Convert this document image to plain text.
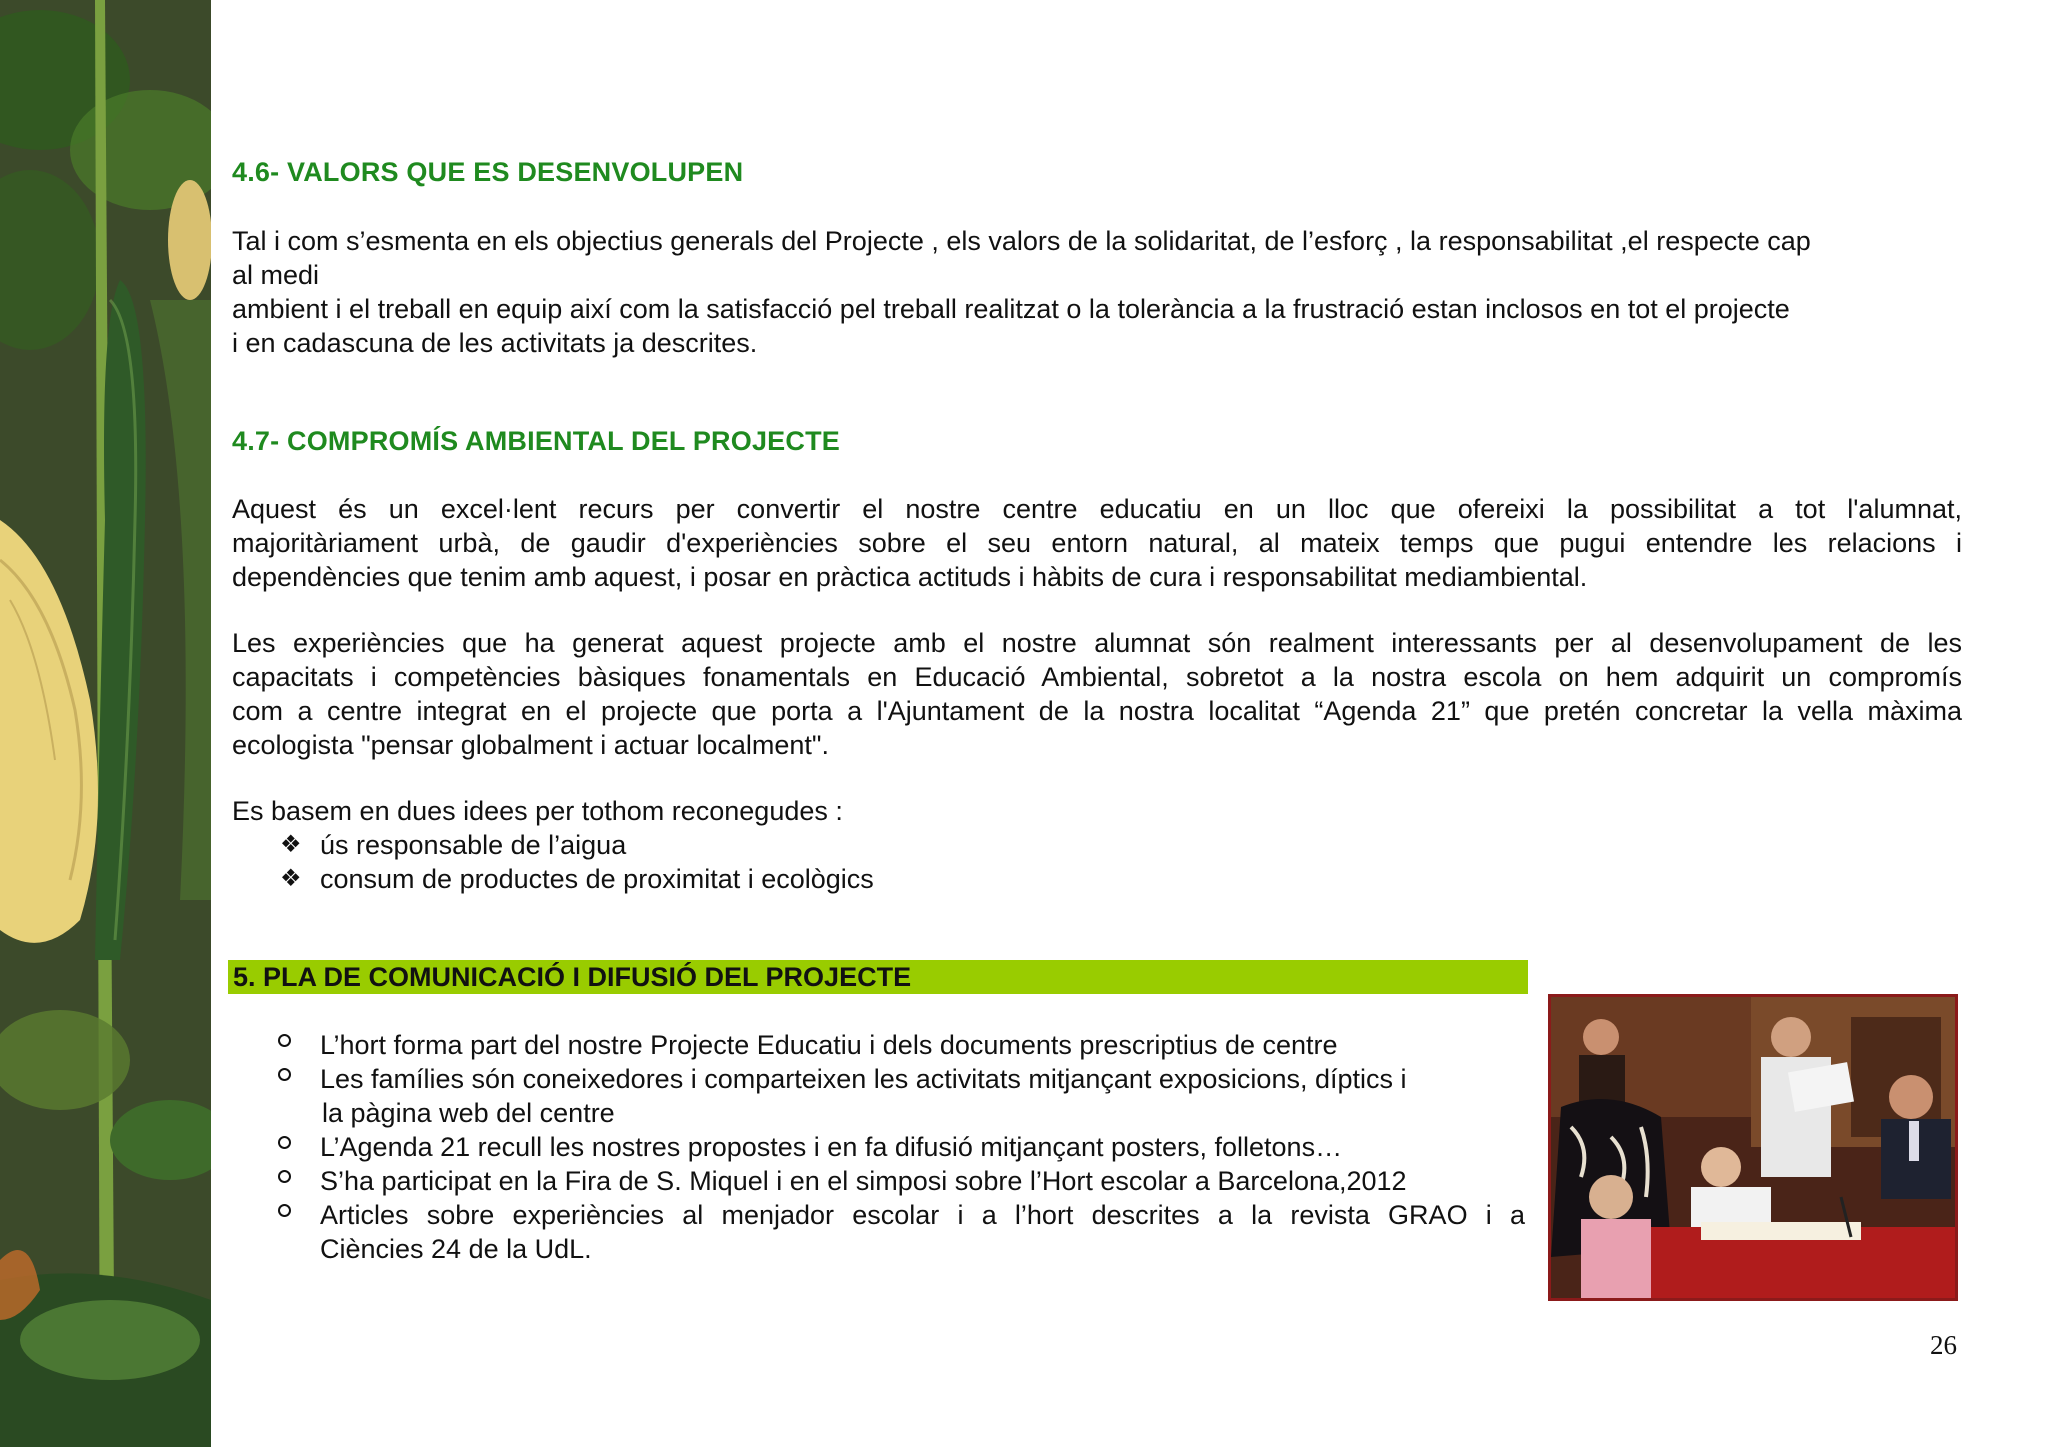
4.6- VALORS QUE ES DESENVOLUPEN
Tal i com s’esmenta en els objectius generals del Projecte , els valors de la solidaritat, de l’esforç , la responsabilitat ,el respecte cap
al medi
ambient i el treball en equip així com la satisfacció pel treball realitzat o la tolerància a la frustració estan inclosos en tot el projecte
i en cadascuna de les activitats ja descrites.
4.7- COMPROMÍS AMBIENTAL DEL PROJECTE
Aquest és un excel·lent recurs per convertir el nostre centre educatiu en un lloc que ofereixi la possibilitat a tot l'alumnat,
majoritàriament urbà, de gaudir d'experiències sobre el seu entorn natural, al mateix temps que pugui entendre les relacions i
dependències que tenim amb aquest, i posar en pràctica actituds i hàbits de cura i responsabilitat mediambiental.
Les experiències que ha generat aquest projecte amb el nostre alumnat són realment interessants per al desenvolupament de les
capacitats i competències bàsiques fonamentals en Educació Ambiental, sobretot a la nostra escola on hem adquirit un compromís
com a centre integrat en el projecte que porta a l'Ajuntament de la nostra localitat “Agenda 21” que pretén concretar la vella màxima
ecologista "pensar globalment i actuar localment".
Es basem en dues idees per tothom reconegudes :
❖ ús responsable de l’aigua
❖ consum de productes de proximitat i ecològics
5. PLA DE COMUNICACIÓ I DIFUSIÓ DEL PROJECTE
L’hort forma part del nostre Projecte Educatiu i dels documents prescriptius de centre
Les famílies són coneixedores i comparteixen les activitats mitjançant exposicions, díptics i
la pàgina web del centre
L’Agenda 21 recull les nostres propostes i en fa difusió mitjançant posters, folletons…
S’ha participat en la Fira de S. Miquel i en el simposi sobre l’Hort escolar a Barcelona,2012
Articles sobre experiències al menjador escolar i a l’hort descrites a la revista GRAO i a
Ciències 24 de la UdL.
26
